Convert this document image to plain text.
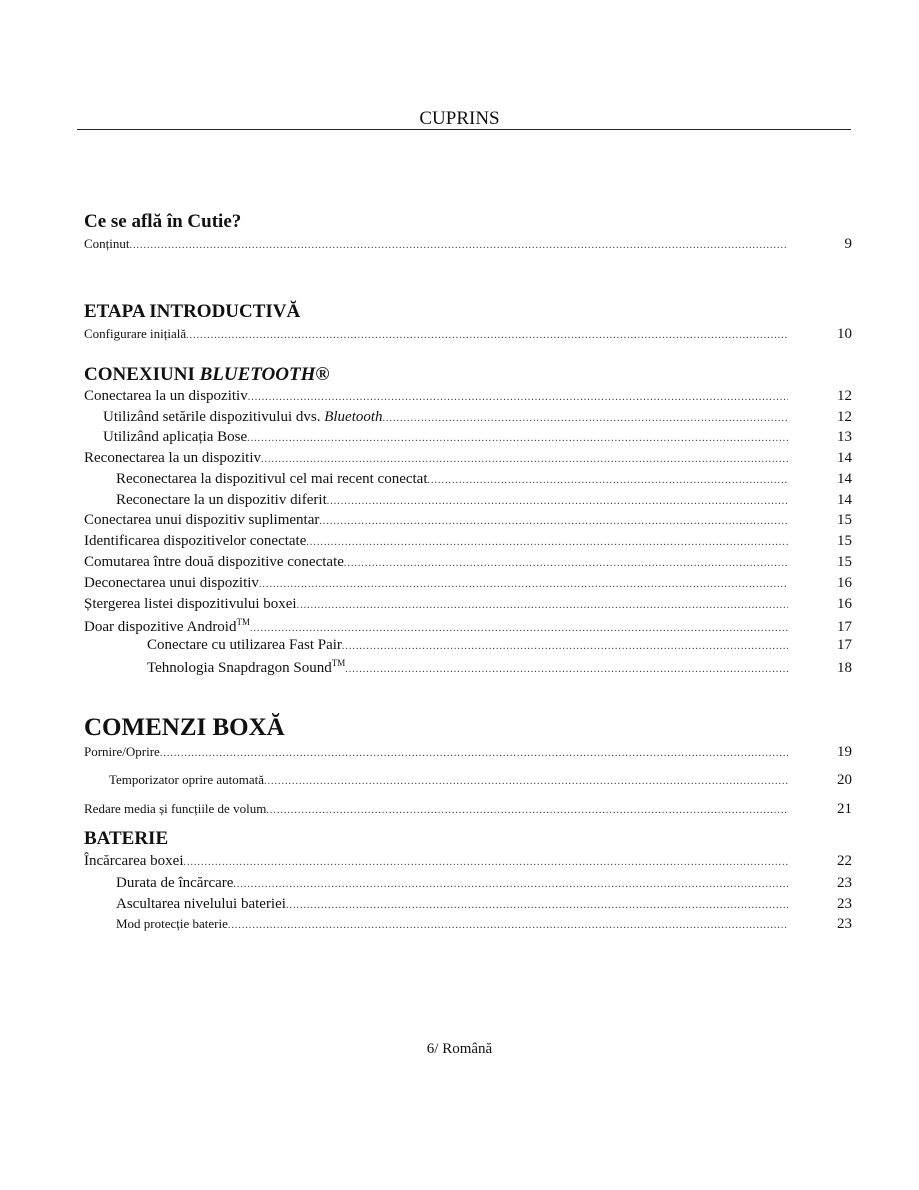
CUPRINS
Ce se află în Cutie?
Conținut .....	9
ETAPA INTRODUCTIVĂ
Configurare inițială .....	10
CONEXIUNI BLUETOOTH®
Conectarea la un dispozitiv .....	12
Utilizând setările dispozitivului dvs. Bluetooth .....	12
Utilizând aplicația Bose .....	13
Reconectarea la un dispozitiv .....	14
Reconectarea la dispozitivul cel mai recent conectat .....	14
Reconectare la un dispozitiv diferit .....	14
Conectarea unui dispozitiv suplimentar .....	15
Identificarea dispozitivelor conectate .....	15
Comutarea între două dispozitive conectate .....	15
Deconectarea unui dispozitiv .....	16
Ștergerea listei dispozitivului boxei .....	16
Doar dispozitive Android™ .....	17
Conectare cu utilizarea Fast Pair .....	17
Tehnologia Snapdragon Sound™ .....	18
COMENZI BOXĂ
Pornire/Oprire .....	19
Temporizator oprire automată .....	20
Redare media și funcțiile de volum .....	21
BATERIE
Încărcarea boxei .....	22
Durata de încărcare .....	23
Ascultarea nivelului bateriei .....	23
Mod protecție baterie .....	23
6/ Română
